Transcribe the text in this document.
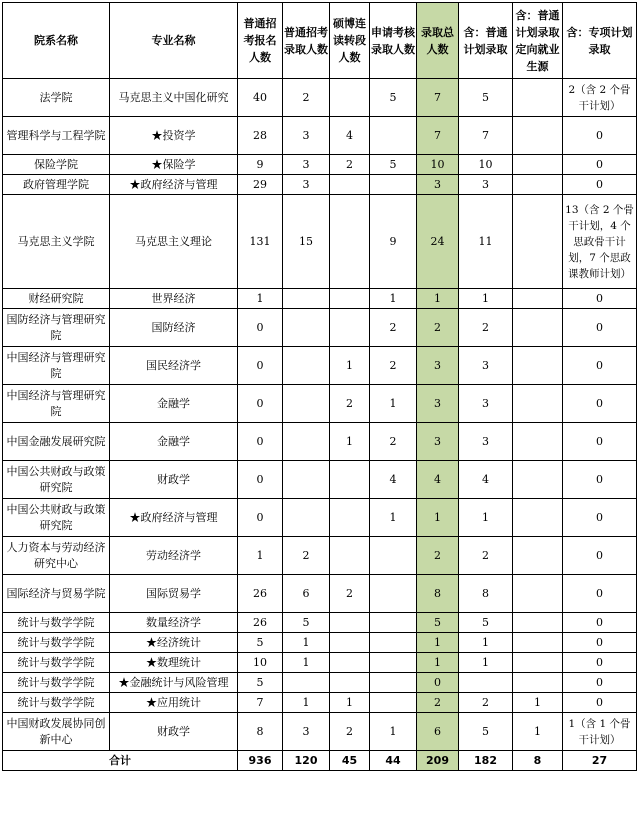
院系名称	专业名称	普通招考报名人数	普通招考录取人数	硕博连读转段人数	申请考核录取人数	录取总人数	含：普通计划录取	含：普通计划录取定向就业生源	含：专项计划录取
法学院	马克思主义中国化研究	40	2		5	7	5		2（含 2 个骨干计划）
管理科学与工程学院	★投资学	28	3	4		7	7		0
保险学院	★保险学	9	3	2	5	10	10		0
政府管理学院	★政府经济与管理	29	3			3	3		0
马克思主义学院	马克思主义理论	131	15		9	24	11		13（含 2 个骨干计划，4 个思政骨干计划，7 个思政课教师计划）
财经研究院	世界经济	1			1	1	1		0
国防经济与管理研究院	国防经济	0			2	2	2		0
中国经济与管理研究院	国民经济学	0		1	2	3	3		0
中国经济与管理研究院	金融学	0		2	1	3	3		0
中国金融发展研究院	金融学	0		1	2	3	3		0
中国公共财政与政策研究院	财政学	0			4	4	4		0
中国公共财政与政策研究院	★政府经济与管理	0			1	1	1		0
人力资本与劳动经济研究中心	劳动经济学	1	2			2	2		0
国际经济与贸易学院	国际贸易学	26	6	2		8	8		0
统计与数学学院	数量经济学	26	5			5	5		0
统计与数学学院	★经济统计	5	1			1	1		0
统计与数学学院	★数理统计	10	1			1	1		0
统计与数学学院	★金融统计与风险管理	5				0			0
统计与数学学院	★应用统计	7	1	1		2	2	1	0
中国财政发展协同创新中心	财政学	8	3	2	1	6	5	1	1（含 1 个骨干计划）
合计		936	120	45	44	209	182	8	27
